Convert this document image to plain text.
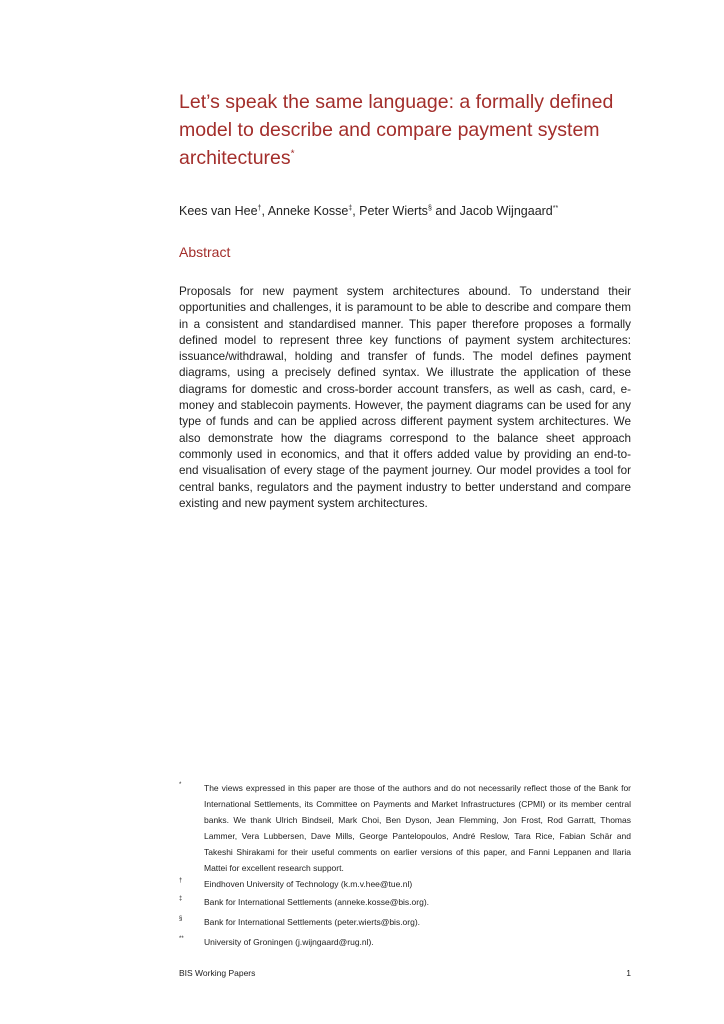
Let’s speak the same language: a formally defined model to describe and compare payment system architectures*
Kees van Hee†, Anneke Kosse‡, Peter Wierts§ and Jacob Wijngaard**
Abstract

Proposals for new payment system architectures abound. To understand their opportunities and challenges, it is paramount to be able to describe and compare them in a consistent and standardised manner. This paper therefore proposes a formally defined model to represent three key functions of payment system architectures: issuance/withdrawal, holding and transfer of funds. The model defines payment diagrams, using a precisely defined syntax. We illustrate the application of these diagrams for domestic and cross-border account transfers, as well as cash, card, e-money and stablecoin payments. However, the payment diagrams can be used for any type of funds and can be applied across different payment system architectures. We also demonstrate how the diagrams correspond to the balance sheet approach commonly used in economics, and that it offers added value by providing an end-to-end visualisation of every stage of the payment journey. Our model provides a tool for central banks, regulators and the payment industry to better understand and compare existing and new payment system architectures.

*	The views expressed in this paper are those of the authors and do not necessarily reflect those of the Bank for International Settlements, its Committee on Payments and Market Infrastructures (CPMI) or its member central banks. We thank Ulrich Bindseil, Mark Choi, Ben Dyson, Jean Flemming, Jon Frost, Rod Garratt, Thomas Lammer, Vera Lubbersen, Dave Mills, George Pantelopoulos, André Reslow, Tara Rice, Fabian Schär and Takeshi Shirakami for their useful comments on earlier versions of this paper, and Fanni Leppanen and Ilaria Mattei for excellent research support.
†	Eindhoven University of Technology (k.m.v.hee@tue.nl)
‡	Bank for International Settlements (anneke.kosse@bis.org).
§	Bank for International Settlements (peter.wierts@bis.org).
** University of Groningen (j.wijngaard@rug.nl).
BIS Working Papers	1
